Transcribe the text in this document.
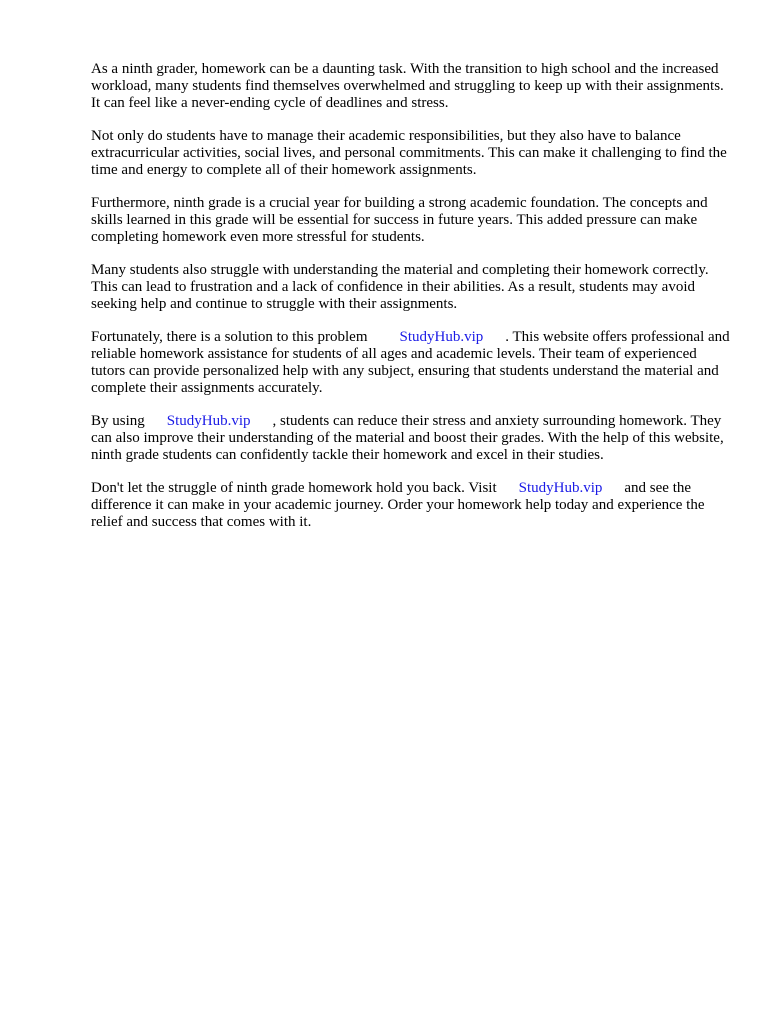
As a ninth grader, homework can be a daunting task. With the transition to high school and the increased workload, many students find themselves overwhelmed and struggling to keep up with their assignments. It can feel like a never-ending cycle of deadlines and stress.

Not only do students have to manage their academic responsibilities, but they also have to balance extracurricular activities, social lives, and personal commitments. This can make it challenging to find the time and energy to complete all of their homework assignments.

Furthermore, ninth grade is a crucial year for building a strong academic foundation. The concepts and skills learned in this grade will be essential for success in future years. This added pressure can make completing homework even more stressful for students.

Many students also struggle with understanding the material and completing their homework correctly. This can lead to frustration and a lack of confidence in their abilities. As a result, students may avoid seeking help and continue to struggle with their assignments.

Fortunately, there is a solution to this problem StudyHub.vip . This website offers professional and reliable homework assistance for students of all ages and academic levels. Their team of experienced tutors can provide personalized help with any subject, ensuring that students understand the material and complete their assignments accurately.

By using StudyHub.vip , students can reduce their stress and anxiety surrounding homework. They can also improve their understanding of the material and boost their grades. With the help of this website, ninth grade students can confidently tackle their homework and excel in their studies.

Don't let the struggle of ninth grade homework hold you back. Visit StudyHub.vip and see the difference it can make in your academic journey. Order your homework help today and experience the relief and success that comes with it.
